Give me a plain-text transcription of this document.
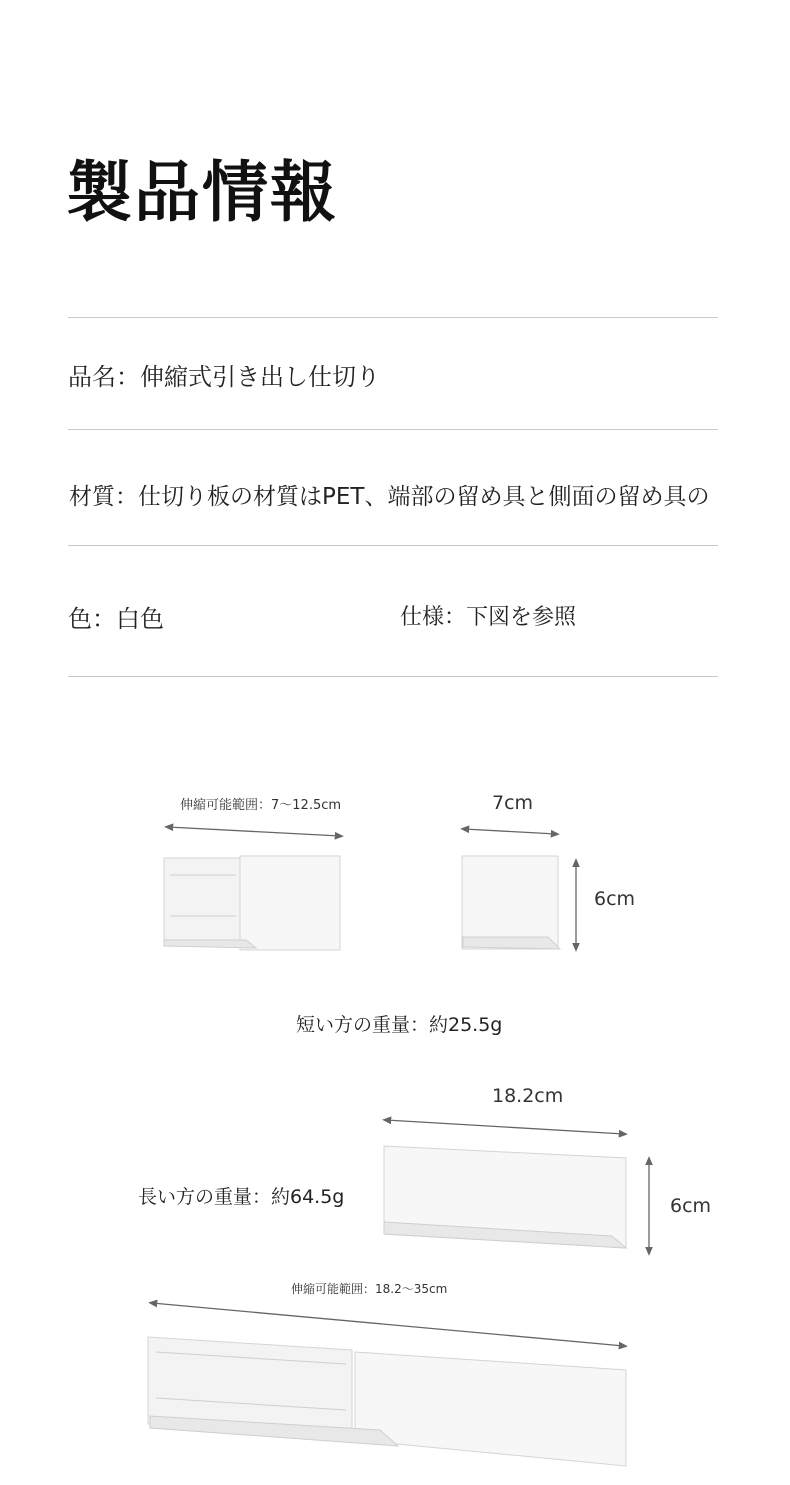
製品情報
品名：伸縮式引き出し仕切り
材質：仕切り板の材質はPET、端部の留め具と側面の留め具の
色：白色	仕様：下図を参照
伸縮可能範囲：7～12.5cm	7cm
6cm
短い方の重量：約25.5g
18.2cm
長い方の重量：約64.5g	6cm
伸縮可能範囲：18.2～35cm
